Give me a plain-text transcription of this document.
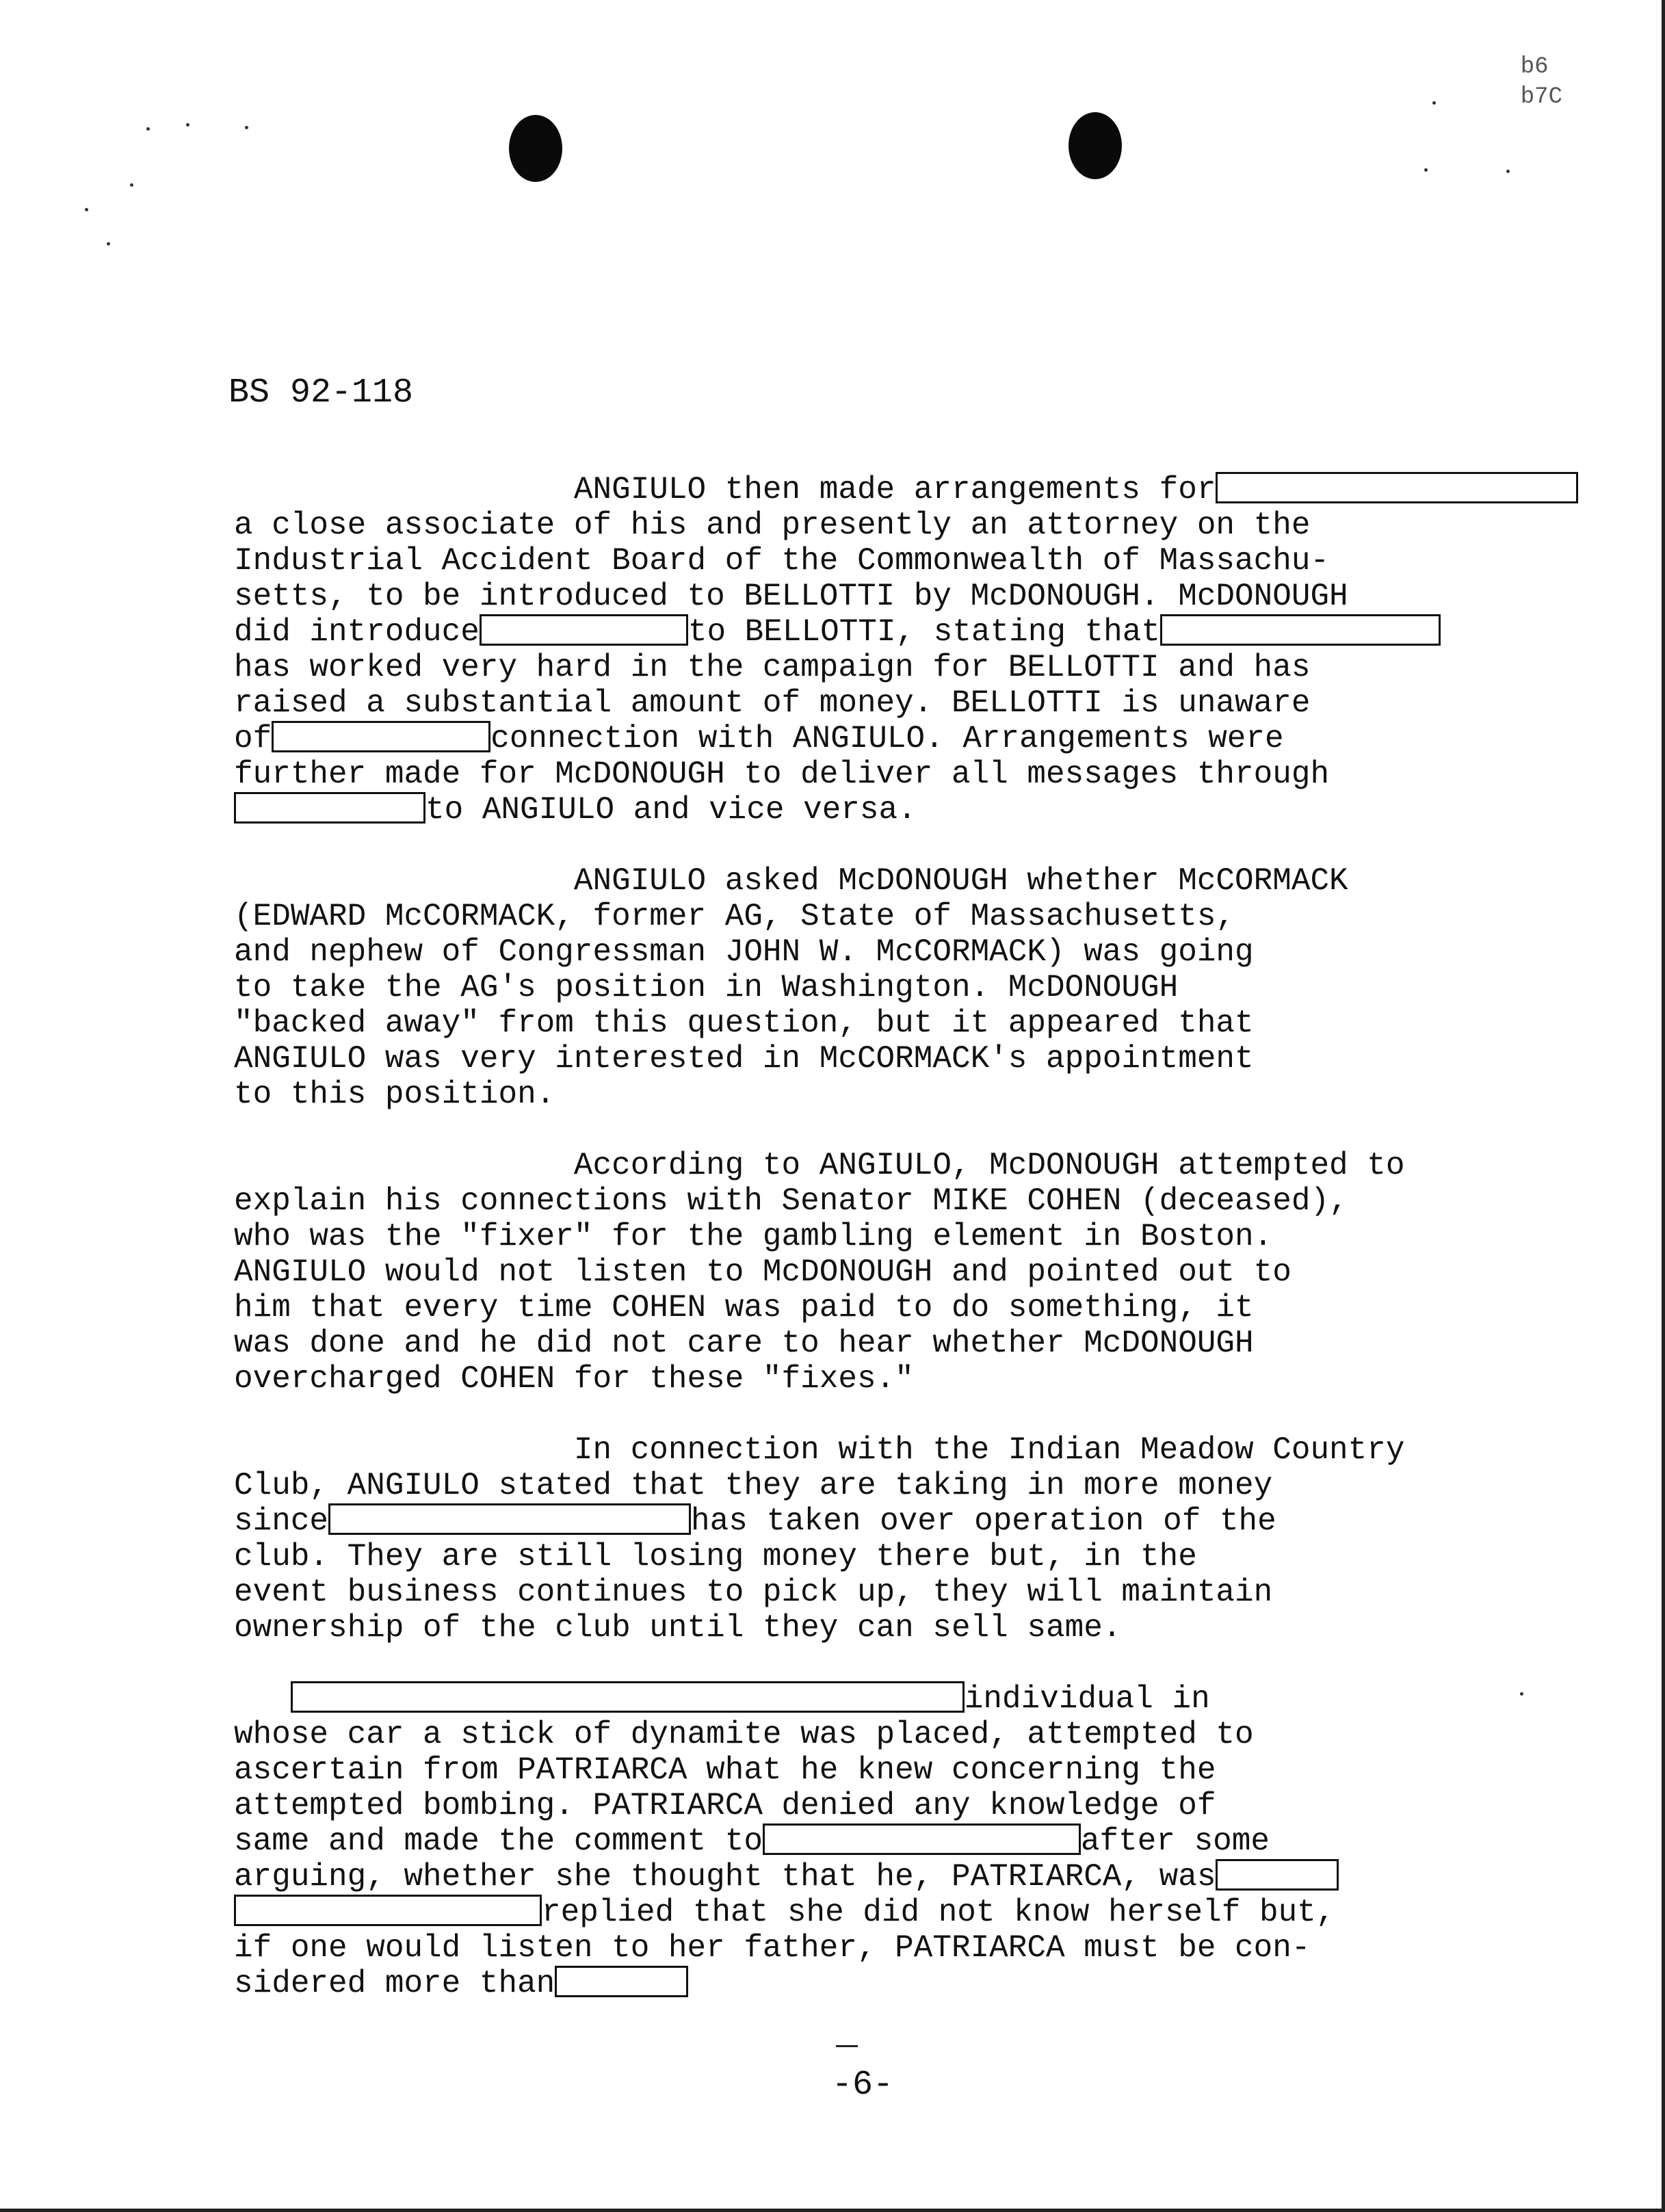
b6
b7C
BS 92-118
ANGIULO then made arrangements for
a close associate of his and presently an attorney on the
Industrial Accident Board of the Commonwealth of Massachu-
setts, to be introduced to BELLOTTI by McDONOUGH. McDONOUGH
did introduce	to BELLOTTI, stating that
has worked very hard in the campaign for BELLOTTI and has
raised a substantial amount of money. BELLOTTI is unaware
of	connection with ANGIULO. Arrangements were
further made for McDONOUGH to deliver all messages through
to ANGIULO and vice versa.
ANGIULO asked McDONOUGH whether McCORMACK
(EDWARD McCORMACK, former AG, State of Massachusetts,
and nephew of Congressman JOHN W. McCORMACK) was going
to take the AG's position in Washington. McDONOUGH
"backed away" from this question, but it appeared that
ANGIULO was very interested in McCORMACK's appointment
to this position.
According to ANGIULO, McDONOUGH attempted to
explain his connections with Senator MIKE COHEN (deceased),
who was the "fixer" for the gambling element in Boston.
ANGIULO would not listen to McDONOUGH and pointed out to
him that every time COHEN was paid to do something, it
was done and he did not care to hear whether McDONOUGH
overcharged COHEN for these "fixes."
In connection with the Indian Meadow Country
Club, ANGIULO stated that they are taking in more money
since	has taken over operation of the
club. They are still losing money there but, in the
event business continues to pick up, they will maintain
ownership of the club until they can sell same.
individual in
whose car a stick of dynamite was placed, attempted to
ascertain from PATRIARCA what he knew concerning the
attempted bombing. PATRIARCA denied any knowledge of
same and made the comment to	after some
arguing, whether she thought that he, PATRIARCA, was
replied that she did not know herself but,
if one would listen to her father, PATRIARCA must be con-
sidered more than
-6-
